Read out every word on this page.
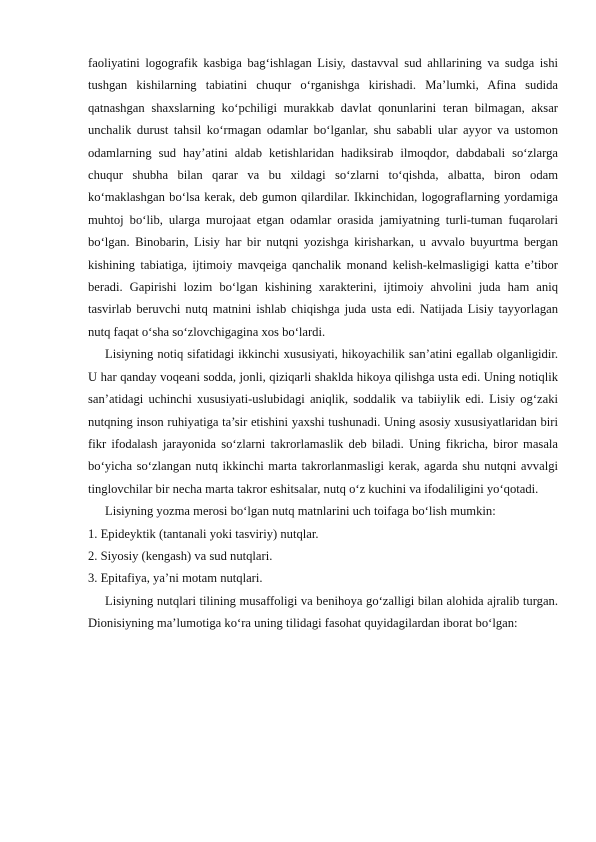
faoliyatini logografik kasbiga bag‘ishlagan Lisiy, dastavval sud ahllarining va sudga ishi tushgan kishilarning tabiatini chuqur o‘rganishga kirishadi. Ma’lumki, Afina sudida qatnashgan shaxslarning ko‘pchiligi murakkab davlat qonunlarini teran bilmagan, aksar unchalik durust tahsil ko‘rmagan odamlar bo‘lganlar, shu sababli ular ayyor va ustomon odamlarning sud hay’atini aldab ketishlaridan hadiksirab ilmoqdor, dabdabali so‘zlarga chuqur shubha bilan qarar va bu xildagi so‘zlarni to‘qishda, albatta, biron odam ko‘maklashgan bo‘lsa kerak, deb gumon qilardilar. Ikkinchidan, logograflarning yordamiga muhtoj bo‘lib, ularga murojaat etgan odamlar orasida jamiyatning turli-tuman fuqarolari bo‘lgan. Binobarin, Lisiy har bir nutqni yozishga kirisharkan, u avvalo buyurtma bergan kishining tabiatiga, ijtimoiy mavqeiga qanchalik monand kelish-kelmasligigi katta e’tibor beradi. Gapirishi lozim bo‘lgan kishining xarakterini, ijtimoiy ahvolini juda ham aniq tasvirlab beruvchi nutq matnini ishlab chiqishga juda usta edi. Natijada Lisiy tayyorlagan nutq faqat o‘sha so‘zlovchigagina xos bo‘lardi.

Lisiyning notiq sifatidagi ikkinchi xususiyati, hikoyachilik san’atini egallab olganligidir. U har qanday voqeani sodda, jonli, qiziqarli shaklda hikoya qilishga usta edi. Uning notiqlik san’atidagi uchinchi xususiyati-uslubidagi aniqlik, soddalik va tabiiylik edi. Lisiy og‘zaki nutqning inson ruhiyatiga ta’sir etishini yaxshi tushunadi. Uning asosiy xususiyatlaridan biri fikr ifodalash jarayonida so‘zlarni takrorlamaslik deb biladi. Uning fikricha, biror masala bo‘yicha so‘zlangan nutq ikkinchi marta takrorlanmasligi kerak, agarda shu nutqni avvalgi tinglovchilar bir necha marta takror eshitsalar, nutq o‘z kuchini va ifodaliligini yo‘qotadi.

Lisiyning yozma merosi bo‘lgan nutq matnlarini uch toifaga bo‘lish mumkin:

1. Epideyktik (tantanali yoki tasviriy) nutqlar.

2. Siyosiy (kengash) va sud nutqlari.

3. Epitafiya, ya’ni motam nutqlari.

Lisiyning nutqlari tilining musaffoligi va benihoya go‘zalligi bilan alohida ajralib turgan. Dionisiyning ma’lumotiga ko‘ra uning tilidagi fasohat quyidagilardan iborat bo‘lgan:
